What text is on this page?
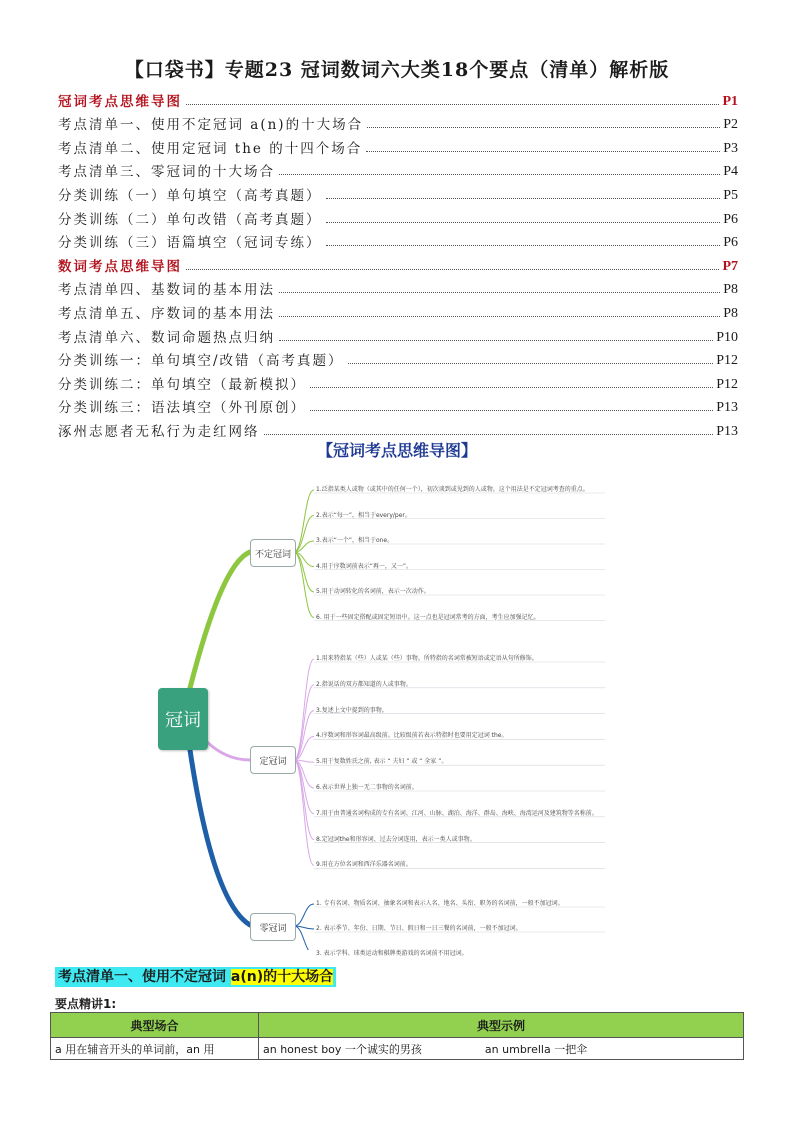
【口袋书】专题23 冠词数词六大类18个要点（清单）解析版
冠词考点思维导图	P1
考点清单一、使用不定冠词 a(n)的十大场合	P2
考点清单二、使用定冠词 the 的十四个场合	P3
考点清单三、零冠词的十大场合	P4
分类训练（一）单句填空（高考真题）	P5
分类训练（二）单句改错（高考真题）	P6
分类训练（三）语篇填空（冠词专练）	P6
数词考点思维导图	P7
考点清单四、基数词的基本用法	P8
考点清单五、序数词的基本用法	P8
考点清单六、数词命题热点归纳	P10
分类训练一：单句填空/改错（高考真题）	P12
分类训练二：单句填空（最新模拟）	P12
分类训练三：语法填空（外刊原创）	P13
涿州志愿者无私行为走红网络	P13
【冠词考点思维导图】
冠词
不定冠词
定冠词
零冠词
1.泛指某类人或物（或其中的任何一个），初次谈到或见到的人或物。这个用法是不定冠词考查的重点。
2.表示“每一”，相当于every/per。
3.表示“一个”，相当于one。
4.用于序数词前表示“再一，又一”。
5.用于动词转化的名词前，表示一次动作。
6. 用于一些固定搭配或固定短语中。这一点也是冠词常考的方面，考生应加强记忆。
1.用来特指某（些）人或某（些）事物。所特指的名词常被短语或定语从句所修饰。
2.指说话的双方都知道的人或事物。
3.复述上文中提到的事物。
4.序数词和形容词最高级前。比较级前若表示特指时也要用定冠词 the。
5.用于复数姓氏之前, 表示 “ 夫妇 ” 或 “ 全家 ”。
6.表示世界上独一无二事物的名词前。
7.用于由普通名词构成的专有名词、江河、山脉、湖泊、海洋、群岛、海峡、海湾运河及建筑物等名称前。
8.定冠词the和形容词、过去分词连用，表示一类人或事物。
9.用在方位名词和西洋乐器名词前。
1. 专有名词、物质名词、抽象名词和表示人名、地名、头衔、职务的名词前，一般不加冠词。
2. 表示季节、年份、日期、节日、假日和一日三餐的名词前，一般不加冠词。
3. 表示学科、球类运动和棋牌类游戏的名词前不用冠词。
考点清单一、使用不定冠词 a(n)的十大场合
要点精讲1:
典型场合	典型示例
a 用在辅音开头的单词前，an 用	an honest boy 一个诚实的男孩 an umbrella 一把伞
